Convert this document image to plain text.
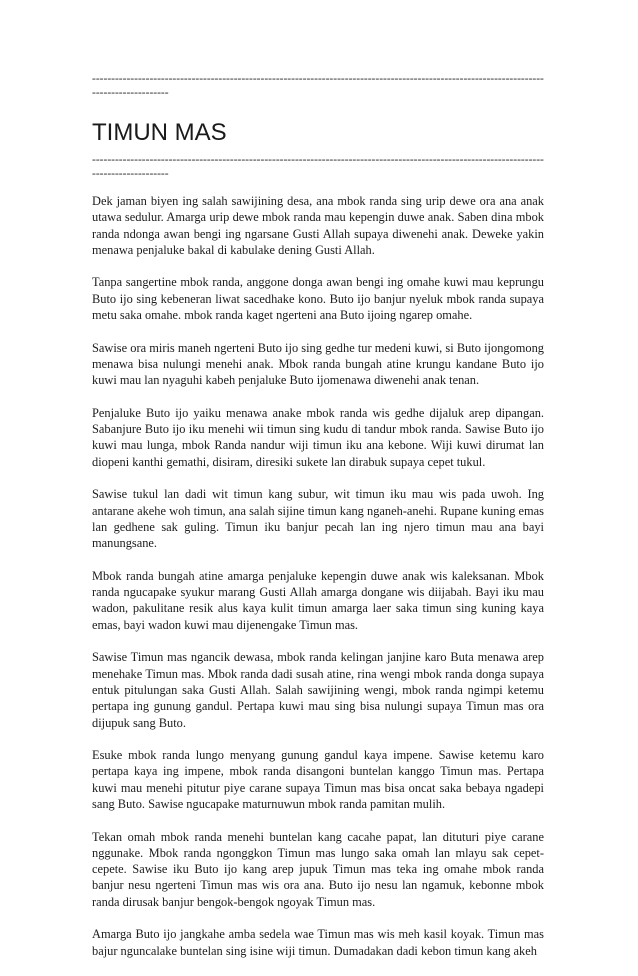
------------------------------------------------------------------------------------------------------------------------------------------
TIMUN MAS
------------------------------------------------------------------------------------------------------------------------------------------

Dek jaman biyen ing salah sawijining desa, ana mbok randa sing urip dewe ora ana anak utawa sedulur. Amarga urip dewe mbok randa mau kepengin duwe anak. Saben dina mbok randa ndonga awan bengi ing ngarsane Gusti Allah supaya diwenehi anak. Deweke yakin menawa penjaluke bakal di kabulake dening Gusti Allah.

Tanpa sangertine mbok randa, anggone donga awan bengi ing omahe kuwi mau keprungu Buto ijo sing kebeneran liwat sacedhake kono. Buto ijo banjur nyeluk mbok randa supaya metu saka omahe. mbok randa kaget ngerteni ana Buto ijoing ngarep omahe.

Sawise ora miris maneh ngerteni Buto ijo sing gedhe tur medeni kuwi, si Buto ijongomong menawa bisa nulungi menehi anak. Mbok randa bungah atine krungu kandane Buto ijo kuwi mau lan nyaguhi kabeh penjaluke Buto ijomenawa diwenehi anak tenan.

Penjaluke Buto ijo yaiku menawa anake mbok randa wis gedhe dijaluk arep dipangan. Sabanjure Buto ijo iku menehi wii timun sing kudu di tandur mbok randa. Sawise Buto ijo kuwi mau lunga, mbok Randa nandur wiji timun iku ana kebone. Wiji kuwi dirumat lan diopeni kanthi gemathi, disiram, diresiki sukete lan dirabuk supaya cepet tukul.

Sawise tukul lan dadi wit timun kang subur, wit timun iku mau wis pada uwoh. Ing antarane akehe woh timun, ana salah sijine timun kang nganeh-anehi. Rupane kuning emas lan gedhene sak guling. Timun iku banjur pecah lan ing njero timun mau ana bayi manungsane.

Mbok randa bungah atine amarga penjaluke kepengin duwe anak wis kaleksanan. Mbok randa ngucapake syukur marang Gusti Allah amarga dongane wis diijabah. Bayi iku mau wadon, pakulitane resik alus kaya kulit timun amarga laer saka timun sing kuning kaya emas, bayi wadon kuwi mau dijenengake Timun mas.

Sawise Timun mas ngancik dewasa, mbok randa kelingan janjine karo Buta menawa arep menehake Timun mas. Mbok randa dadi susah atine, rina wengi mbok randa donga supaya entuk pitulungan saka Gusti Allah. Salah sawijining wengi, mbok randa ngimpi ketemu pertapa ing gunung gandul. Pertapa kuwi mau sing bisa nulungi supaya Timun mas ora dijupuk sang Buto.

Esuke mbok randa lungo menyang gunung gandul kaya impene. Sawise ketemu karo pertapa kaya ing impene, mbok randa disangoni buntelan kanggo Timun mas. Pertapa kuwi mau menehi pitutur piye carane supaya Timun mas bisa oncat saka bebaya ngadepi sang Buto. Sawise ngucapake maturnuwun mbok randa pamitan mulih.

Tekan omah mbok randa menehi buntelan kang cacahe papat, lan dituturi piye carane nggunake. Mbok randa ngonggkon Timun mas lungo saka omah lan mlayu sak cepet-cepete. Sawise iku Buto ijo kang arep jupuk Timun mas teka ing omahe mbok randa banjur nesu ngerteni Timun mas wis ora ana. Buto ijo nesu lan ngamuk, kebonne mbok randa dirusak banjur bengok-bengok ngoyak Timun mas.

Amarga Buto ijo jangkahe amba sedela wae Timun mas wis meh kasil koyak. Timun mas bajur nguncalake buntelan sing isine wiji timun. Dumadakan dadi kebon timun kang akeh
